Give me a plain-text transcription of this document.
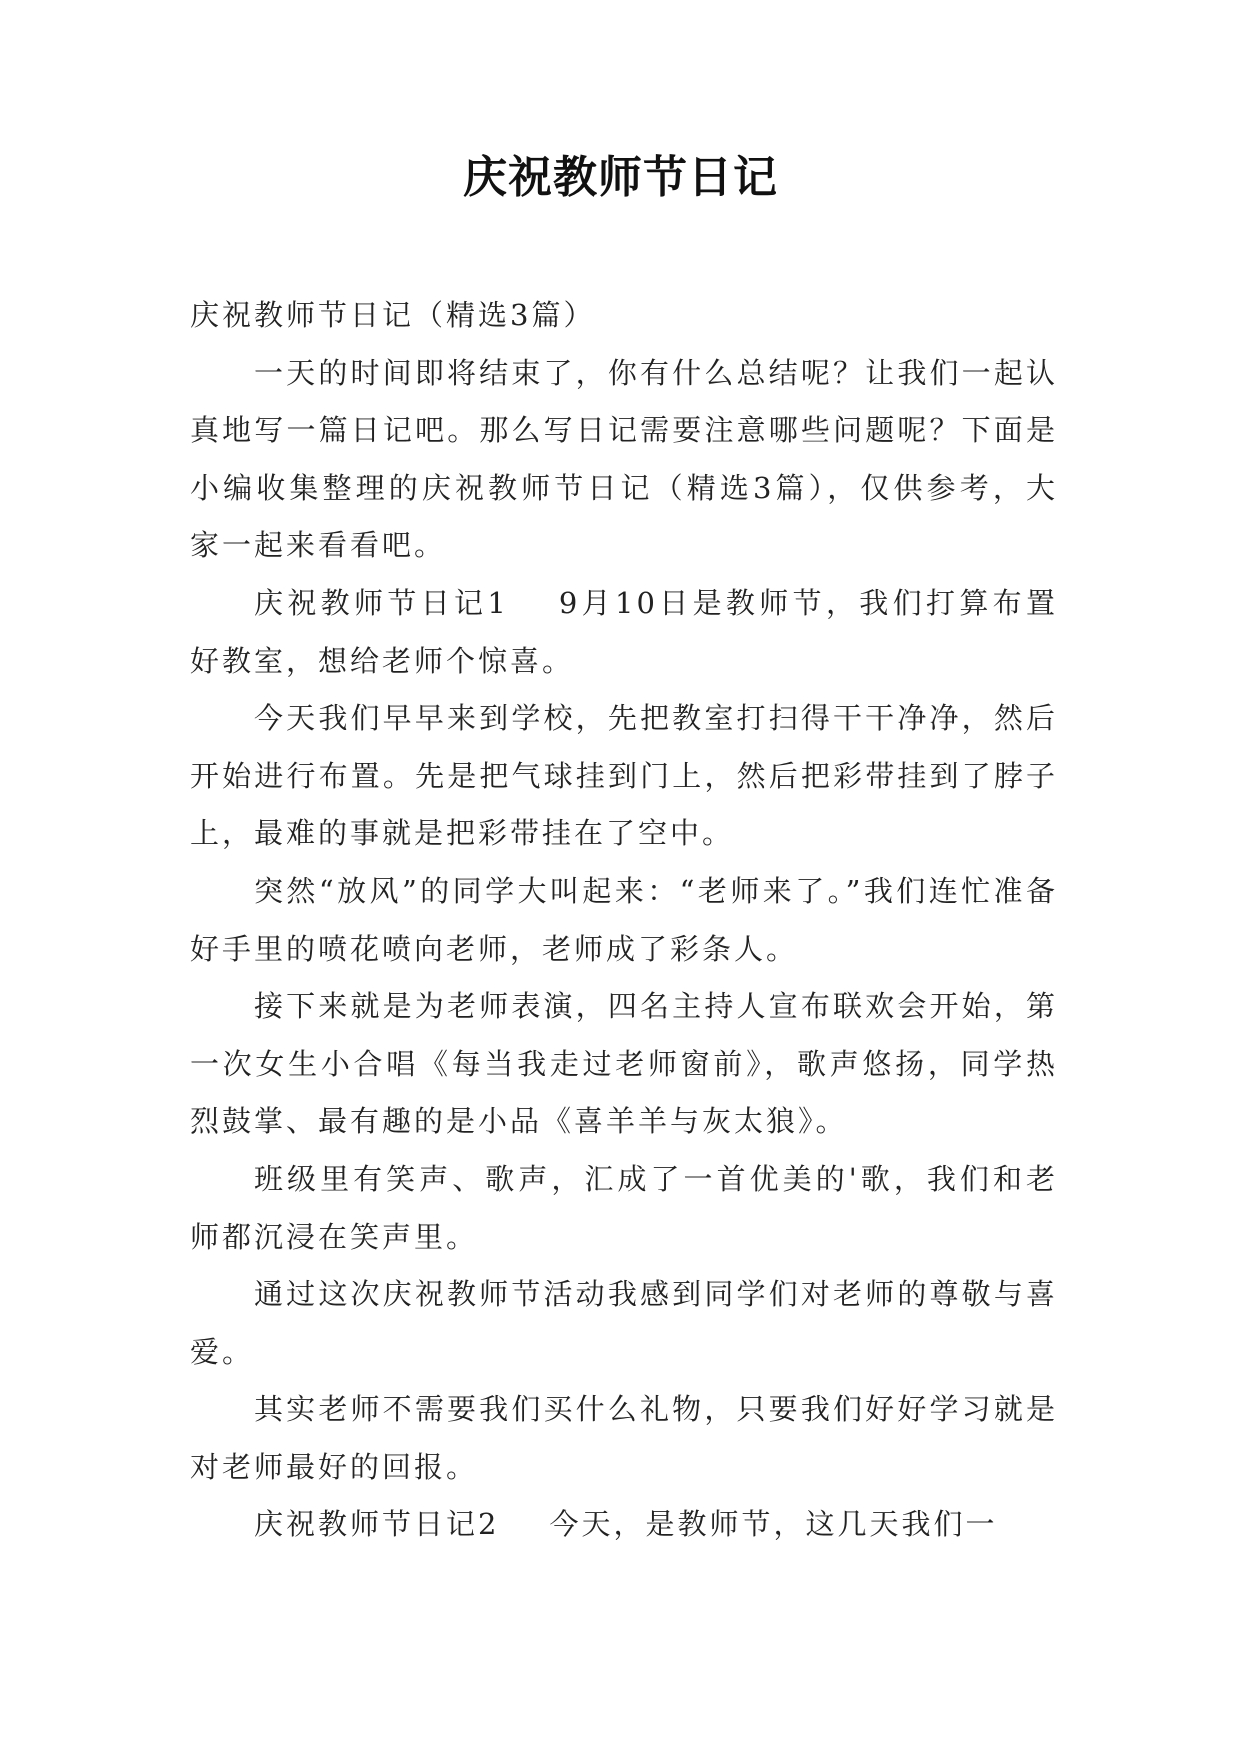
庆祝教师节日记

庆祝教师节日记（精选3篇）

一天的时间即将结束了，你有什么总结呢？让我们一起认真地写一篇日记吧。那么写日记需要注意哪些问题呢？下面是小编收集整理的庆祝教师节日记（精选3篇），仅供参考，大家一起来看看吧。

庆祝教师节日记1 9月10日是教师节，我们打算布置好教室，想给老师个惊喜。

今天我们早早来到学校，先把教室打扫得干干净净，然后开始进行布置。先是把气球挂到门上，然后把彩带挂到了脖子上，最难的事就是把彩带挂在了空中。

突然“放风”的同学大叫起来：“老师来了。”我们连忙准备好手里的喷花喷向老师，老师成了彩条人。

接下来就是为老师表演，四名主持人宣布联欢会开始，第一次女生小合唱《每当我走过老师窗前》，歌声悠扬，同学热烈鼓掌、最有趣的是小品《喜羊羊与灰太狼》。

班级里有笑声、歌声，汇成了一首优美的'歌，我们和老师都沉浸在笑声里。

通过这次庆祝教师节活动我感到同学们对老师的尊敬与喜爱。

其实老师不需要我们买什么礼物，只要我们好好学习就是对老师最好的回报。

庆祝教师节日记2 今天，是教师节，这几天我们一
